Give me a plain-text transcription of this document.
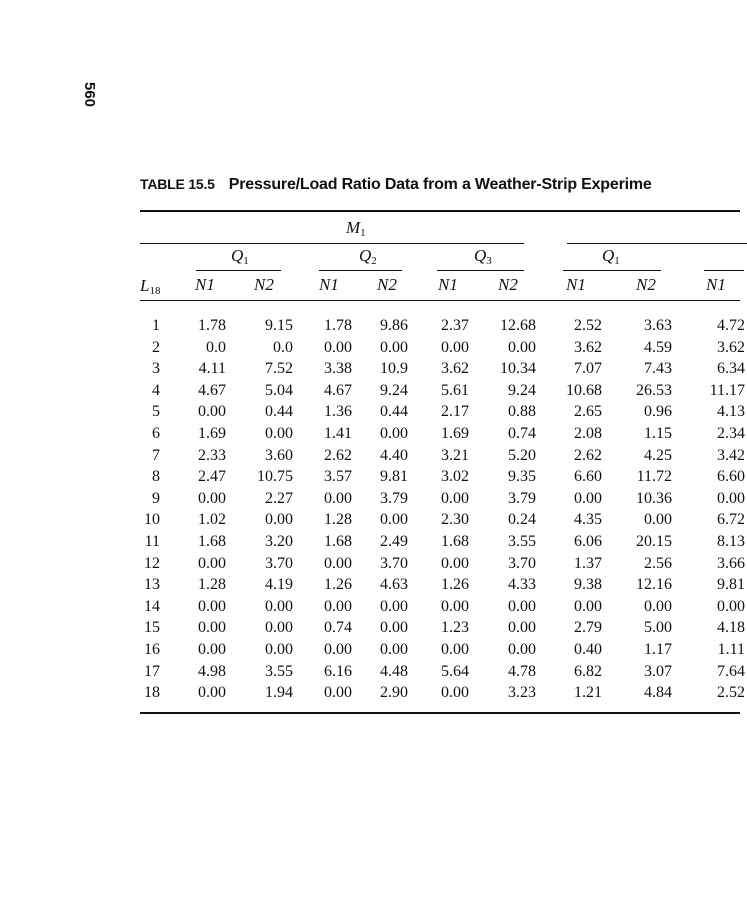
560
TABLE 15.5 Pressure/Load Ratio Data from a Weather-Strip Experime
$M_1$
$Q_1$	$Q_2$	$Q_3$	$Q_1$
$L_{18}$ N1 N2	N1 N2 N1 N2	N1	N2	N1
1 1.78 9.15 1.78 9.86 2.37 12.68 2.52	3.63	4.72
2	0.0	0.0 0.00 0.00 0.00 0.00 3.62	4.59	3.62
3 4.11 7.52 3.38 10.9 3.62 10.34 7.07	7.43	6.34
4 4.67 5.04 4.67 9.24 5.61 9.24 10.68 26.53 11.17
5 0.00 0.44 1.36 0.44 2.17 0.88 2.65	0.96	4.13
6 1.69 0.00 1.41 0.00 1.69 0.74 2.08	1.15	2.34
7 2.33 3.60 2.62 4.40 3.21 5.20 2.62	4.25	3.42
8 2.47 10.75 3.57 9.81 3.02 9.35 6.60 11.72	6.60
9 0.00 2.27 0.00 3.79 0.00 3.79 0.00 10.36	0.00
10 1.02 0.00 1.28 0.00 2.30 0.24 4.35	0.00	6.72
11 1.68 3.20 1.68 2.49 1.68 3.55 6.06 20.15	8.13
12 0.00 3.70 0.00 3.70 0.00 3.70 1.37	2.56	3.66
13 1.28 4.19 1.26 4.63 1.26 4.33 9.38 12.16	9.81
14 0.00 0.00 0.00 0.00 0.00 0.00 0.00	0.00	0.00
15 0.00 0.00 0.74 0.00 1.23 0.00 2.79	5.00	4.18
16 0.00 0.00 0.00 0.00 0.00 0.00 0.40	1.17	1.11
17 4.98 3.55 6.16 4.48 5.64 4.78 6.82	3.07	7.64
18 0.00 1.94 0.00 2.90 0.00 3.23 1.21	4.84	2.52
